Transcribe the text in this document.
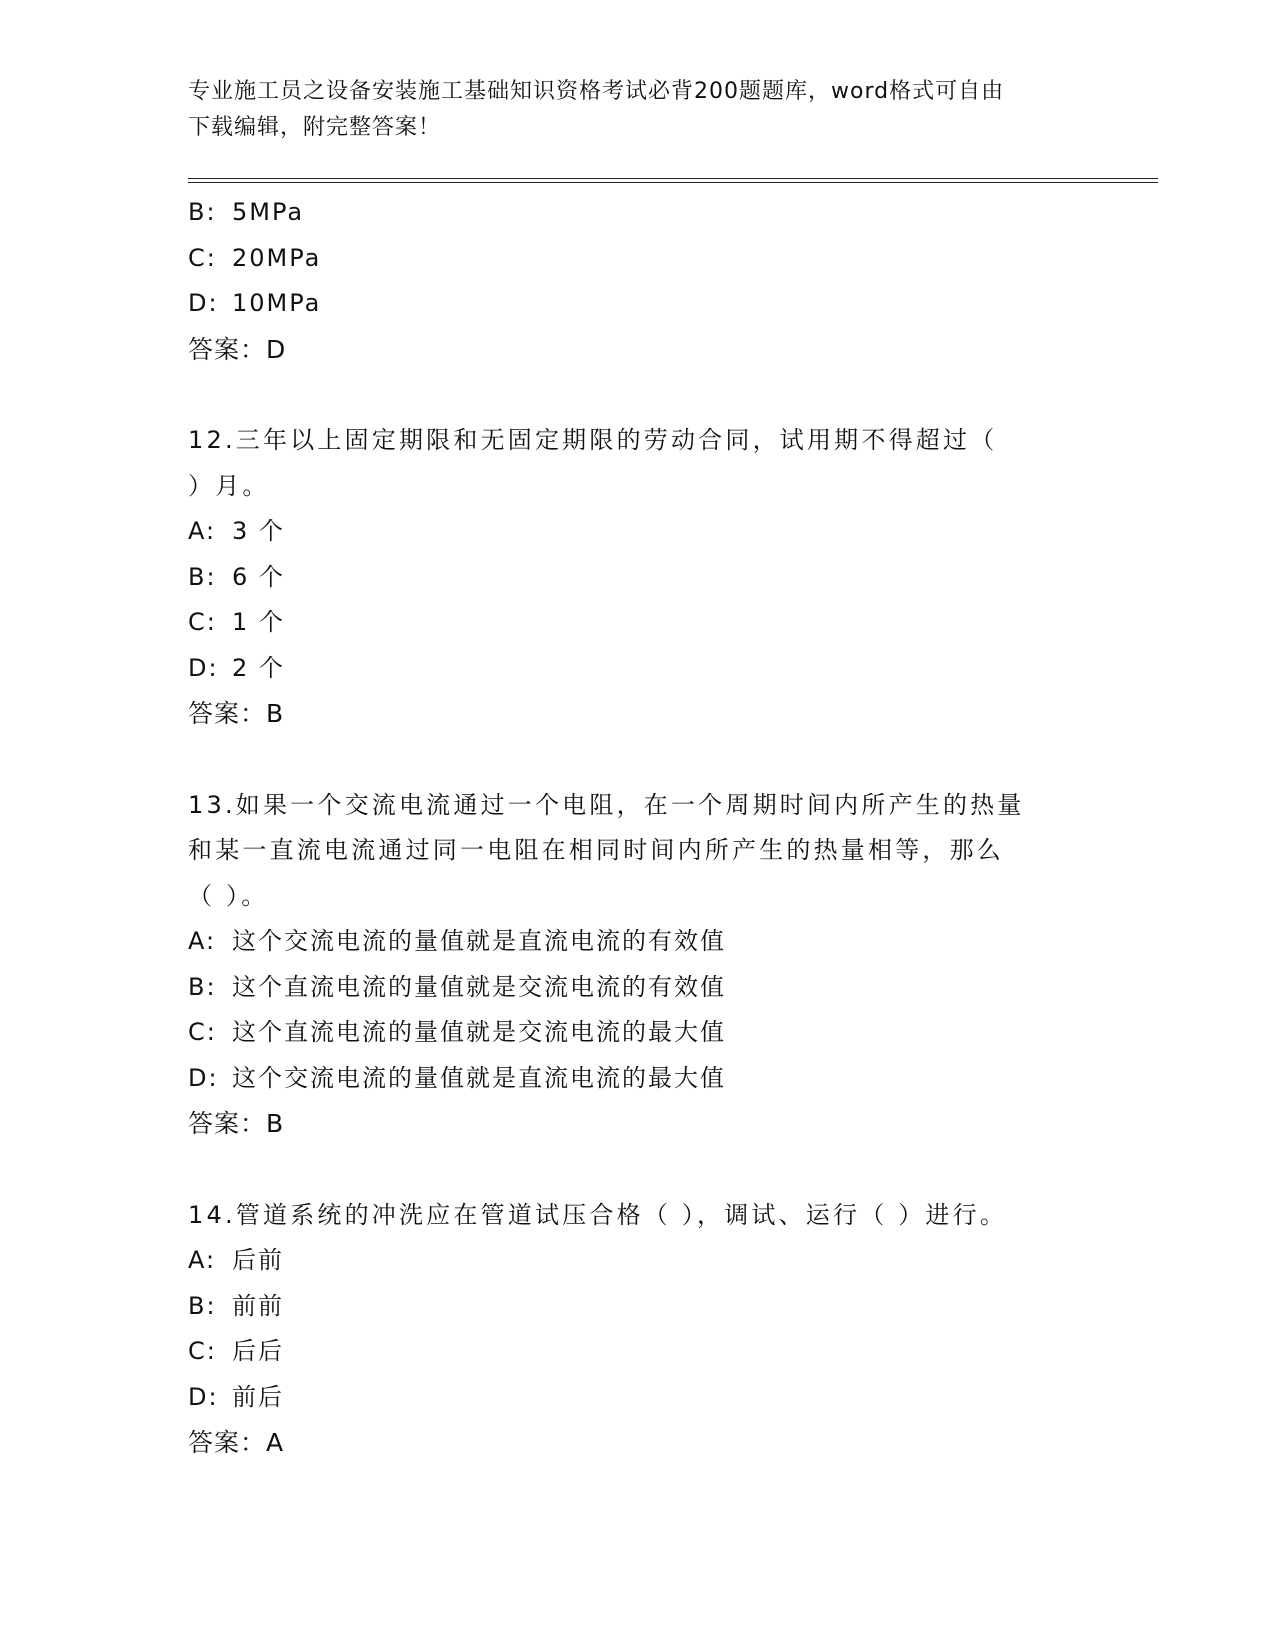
专业施工员之设备安装施工基础知识资格考试必背200题题库，word格式可自由
下载编辑，附完整答案！
B: 5MPa
C: 20MPa
D: 10MPa
答案：D
12.三年以上固定期限和无固定期限的劳动合同，试用期不得超过（
）月。
A: 3 个
B: 6 个
C: 1 个
D: 2 个
答案：B
13.如果一个交流电流通过一个电阻，在一个周期时间内所产生的热量
和某一直流电流通过同一电阻在相同时间内所产生的热量相等，那么
（ ）。
A: 这个交流电流的量值就是直流电流的有效值
B: 这个直流电流的量值就是交流电流的有效值
C: 这个直流电流的量值就是交流电流的最大值
D: 这个交流电流的量值就是直流电流的最大值
答案：B
14.管道系统的冲洗应在管道试压合格（ ），调试、运行（ ）进行。
A: 后前
B: 前前
C: 后后
D: 前后
答案：A
